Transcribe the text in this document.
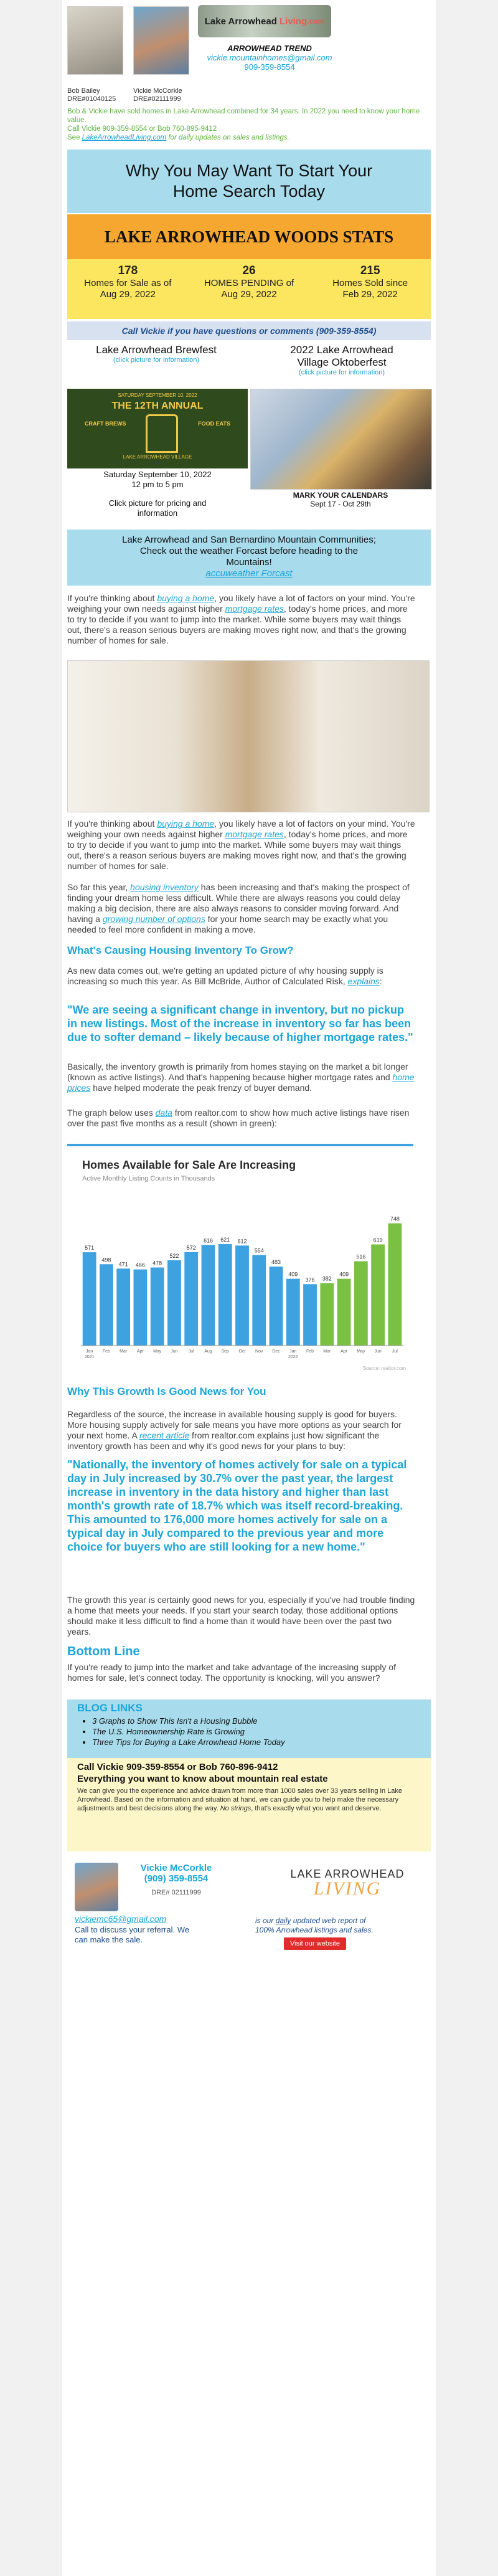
Bob Bailey
DRE#01040125
Vickie McCorkle
DRE#02111999
Lake Arrowhead
Living .com
ARROWHEAD TREND
vickie.mountainhomes@gmail.com
909-359-8554

Bob & Vickie have sold homes in Lake Arrowhead combined for 34 years. In 2022 you need to know your home value.

Call Vickie 909-359-8554 or Bob 760-895-9412

See LakeArrowheadLiving.com for daily updates on sales and listings.

Why You May Want To Start Your Home Search Today
LAKE ARROWHEAD WOODS STATS
178
Homes for Sale as of Aug 29, 2022
26
HOMES PENDING of Aug 29, 2022
215
Homes Sold since Feb 29, 2022
Call Vickie if you have questions or comments (909-359-8554)
Lake Arrowhead Brewfest
(click picture for information)
SATURDAY SEPTEMBER 10, 2022
THE 12TH ANNUAL
CRAFT BREWS	FOOD EATS
LAKE ARROWHEAD VILLAGE
Saturday September 10, 2022
12 pm to 5 pm
Click picture for pricing and information
2022 Lake Arrowhead Village Oktoberfest
(click picture for information)
MARK YOUR CALENDARS
Sept 17 - Oct 29th
Lake Arrowhead and San Bernardino Mountain Communities; Check out the weather Forcast before heading to the Mountains!
accuweather Forcast
If you're thinking about buying a home, you likely have a lot of factors on your mind. You're weighing your own needs against higher mortgage rates, today's home prices, and more to try to decide if you want to jump into the market. While some buyers may wait things out, there's a reason serious buyers are making moves right now, and that's the growing number of homes for sale.
If you're thinking about buying a home, you likely have a lot of factors on your mind. You're weighing your own needs against higher mortgage rates, today's home prices, and more to try to decide if you want to jump into the market. While some buyers may wait things out, there's a reason serious buyers are making moves right now, and that's the growing number of homes for sale.
So far this year, housing inventory has been increasing and that's making the prospect of finding your dream home less difficult. While there are always reasons you could delay making a big decision, there are also always reasons to consider moving forward. And having a growing number of options for your home search may be exactly what you needed to feel more confident in making a move.
What's Causing Housing Inventory To Grow?
As new data comes out, we're getting an updated picture of why housing supply is increasing so much this year. As Bill McBride, Author of Calculated Risk, explains:
"We are seeing a significant change in inventory, but no pickup in new listings. Most of the increase in inventory so far has been due to softer demand – likely because of higher mortgage rates."
Basically, the inventory growth is primarily from homes staying on the market a bit longer (known as active listings). And that's happening because higher mortgage rates and home prices have helped moderate the peak frenzy of buyer demand.
The graph below uses data from realtor.com to show how much active listings have risen over the past five months as a result (shown in green):
Homes Available for Sale Are Increasing
Active Monthly Listing Counts in Thousands
571
Jan
498
Feb
471
Mar
466
Apr
478
May
522
Jun
572
Jul
616
Aug
621
Sep
612
Oct
554
Nov
483
Dec
409
Jan
376
Feb
382
Mar
409
Apr
516
May
619
Jun
748
Jul
2021	2022
Source: realtor.com
Why This Growth Is Good News for You
Regardless of the source, the increase in available housing supply is good for buyers. More housing supply actively for sale means you have more options as your search for your next home. A recent article from realtor.com explains just how significant the inventory growth has been and why it's good news for your plans to buy:
"Nationally, the inventory of homes actively for sale on a typical day in July increased by 30.7% over the past year, the largest increase in inventory in the data history and higher than last month's growth rate of 18.7% which was itself record-breaking. This amounted to 176,000 more homes actively for sale on a typical day in July compared to the previous year and more choice for buyers who are still looking for a new home."
The growth this year is certainly good news for you, especially if you've had trouble finding a home that meets your needs. If you start your search today, those additional options should make it less difficult to find a home than it would have been over the past two years.
Bottom Line
If you're ready to jump into the market and take advantage of the increasing supply of homes for sale, let's connect today. The opportunity is knocking, will you answer?
BLOG LINKS
• 3 Graphs to Show This Isn't a Housing Bubble
• The U.S. Homeownership Rate is Growing
• Three Tips for Buying a Lake Arrowhead Home Today
Call Vickie 909-359-8554 or Bob 760-896-9412
Everything you want to know about mountain real estate
We can give you the experience and advice drawn from more than 1000 sales over 33 years selling in Lake Arrowhead. Based on the information and situation at hand, we can guide you to help make the necessary adjustments and best decisions along the way. No strings, that's exactly what you want and deserve.
Vickie McCorkle
(909) 359-8554
DRE# 02111999
vickiemc65@gmail.com
Call to discuss your referral. We can make the sale.
LAKE ARROWHEAD
LIVING
is our daily updated web report of 100% Arrowhead listings and sales.
Visit our website
